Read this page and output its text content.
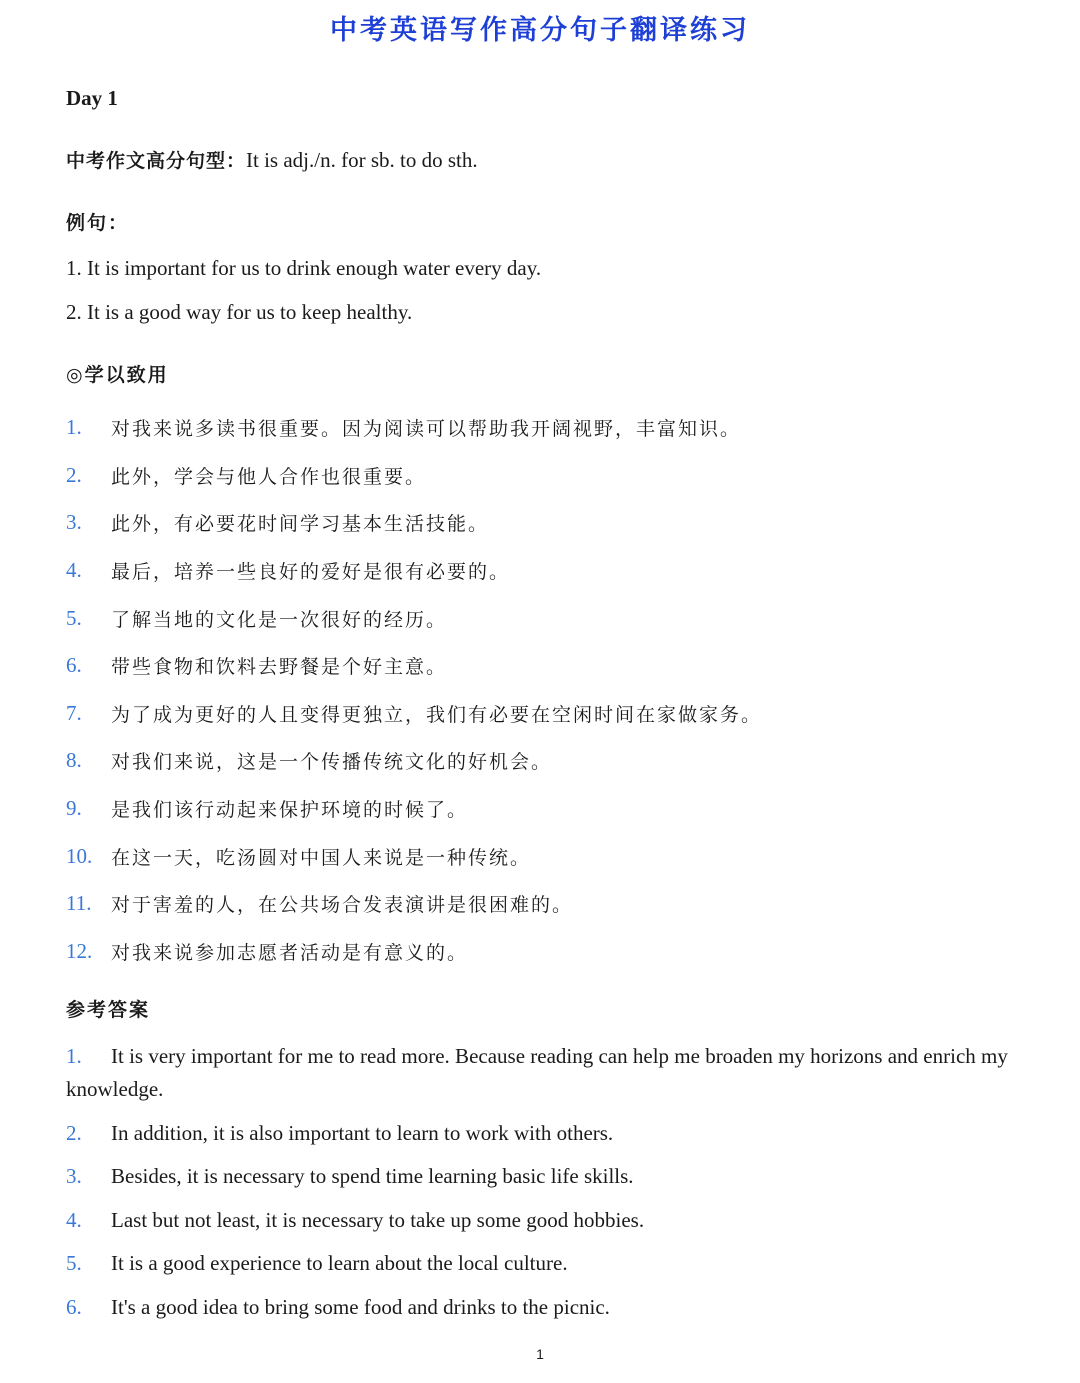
中考英语写作高分句子翻译练习
Day 1
中考作文高分句型：It is adj./n. for sb. to do sth.
例句：
1. It is important for us to drink enough water every day.
2. It is a good way for us to keep healthy.
◎学以致用
1.	对我来说多读书很重要。因为阅读可以帮助我开阔视野，丰富知识。
2.	此外，学会与他人合作也很重要。
3.	此外，有必要花时间学习基本生活技能。
4.	最后，培养一些良好的爱好是很有必要的。
5.	了解当地的文化是一次很好的经历。
6.	带些食物和饮料去野餐是个好主意。
7.	为了成为更好的人且变得更独立，我们有必要在空闲时间在家做家务。
8.	对我们来说，这是一个传播传统文化的好机会。
9.	是我们该行动起来保护环境的时候了。
10. 在这一天，吃汤圆对中国人来说是一种传统。
11.	对于害羞的人，在公共场合发表演讲是很困难的。
12. 对我来说参加志愿者活动是有意义的。
参考答案
1. It is very important for me to read more. Because reading can help me broaden my horizons and enrich my knowledge.
2. In addition, it is also important to learn to work with others.
3. Besides, it is necessary to spend time learning basic life skills.
4. Last but not least, it is necessary to take up some good hobbies.
5. It is a good experience to learn about the local culture.
6. It's a good idea to bring some food and drinks to the picnic.
1
